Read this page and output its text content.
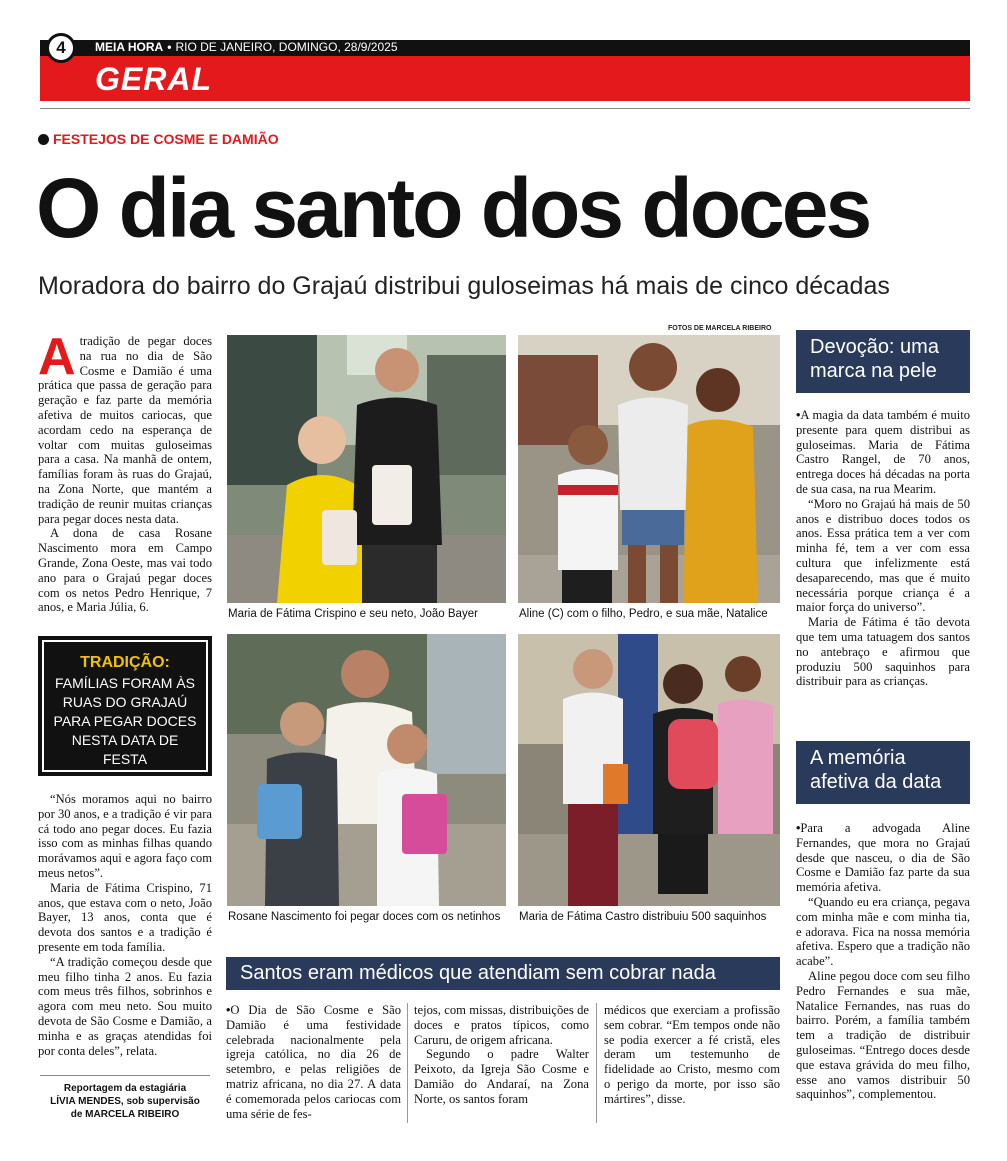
4	MEIA HORA • RIO DE JANEIRO, DOMINGO, 28/9/2025
GERAL
FESTEJOS DE COSME E DAMIÃO
O dia santo dos doces
Moradora do bairro do Grajaú distribui guloseimas há mais de cinco décadas

Atradição de pegar doces na rua no dia de São Cosme e Damião é uma prática que passa de geração para geração e faz parte da memória afetiva de muitos cariocas, que acordam cedo na esperança de voltar com muitas guloseimas para a casa. Na manhã de ontem, famílias foram às ruas do Grajaú, na Zona Norte, que mantém a tradição de reunir muitas crianças para pegar doces nesta data.

A dona de casa Rosane Nascimento mora em Campo Grande, Zona Oeste, mas vai todo ano para o Grajaú pegar doces com os netos Pedro Henrique, 7 anos, e Maria Júlia, 6.

TRADIÇÃO:
FAMÍLIAS FORAM ÀS RUAS DO GRAJAÚ PARA PEGAR DOCES NESTA DATA DE FESTA

“Nós moramos aqui no bairro por 30 anos, e a tradição é vir para cá todo ano pegar doces. Eu fazia isso com as minhas filhas quando morávamos aqui e agora faço com meus netos”.

Maria de Fátima Crispino, 71 anos, que estava com o neto, João Bayer, 13 anos, conta que é devota dos santos e a tradição é presente em toda família.

“A tradição começou desde que meu filho tinha 2 anos. Eu fazia com meus três filhos, sobrinhos e agora com meu neto. Sou muito devota de São Cosme e Damião, a minha e as graças atendidas foi por conta deles”, relata.

Reportagem da estagiária
LÍVIA MENDES, sob supervisão
de MARCELA RIBEIRO
FOTOS DE MARCELA RIBEIRO
Maria de Fátima Crispino e seu neto, João Bayer	Aline (C) com o filho, Pedro, e sua mãe, Natalice
Rosane Nascimento foi pegar doces com os netinhos Maria de Fátima Castro distribuiu 500 saquinhos
Devoção: uma marca na pele

• A magia da data também é muito presente para quem distribui as guloseimas. Maria de Fátima Castro Rangel, de 70 anos, entrega doces há décadas na porta de sua casa, na rua Mearim.

“Moro no Grajaú há mais de 50 anos e distribuo doces todos os anos. Essa prática tem a ver com minha fé, tem a ver com essa cultura que infelizmente está desaparecendo, mas que é muito necessária porque criança é a maior força do universo”.

Maria de Fátima é tão devota que tem uma tatuagem dos santos no antebraço e afirmou que produziu 500 saquinhos para distribuir para as crianças.

A memória afetiva da data

• Para a advogada Aline Fernandes, que mora no Grajaú desde que nasceu, o dia de São Cosme e Damião faz parte da sua memória afetiva.

“Quando eu era criança, pegava com minha mãe e com minha tia, e adorava. Fica na nossa memória afetiva. Espero que a tradição não acabe”.

Aline pegou doce com seu filho Pedro Fernandes e sua mãe, Natalice Fernandes, nas ruas do bairro. Porém, a família também tem a tradição de distribuir guloseimas. “Entrego doces desde que estava grávida do meu filho, esse ano vamos distribuir 50 saquinhos”, complementou.

Santos eram médicos que atendiam sem cobrar nada

• O Dia de São Cosme e São Damião é uma festividade celebrada nacionalmente pela igreja católica, no dia 26 de setembro, e pelas religiões de matriz africana, no dia 27. A data é comemorada pelos cariocas com uma série de fes-

tejos, com missas, distribuições de doces e pratos típicos, como Caruru, de origem africana.

Segundo o padre Walter Peixoto, da Igreja São Cosme e Damião do Andaraí, na Zona Norte, os santos foram

médicos que exerciam a profissão sem cobrar. “Em tempos onde não se podia exercer a fé cristã, eles deram um testemunho de fidelidade ao Cristo, mesmo com o perigo da morte, por isso são mártires”, disse.
